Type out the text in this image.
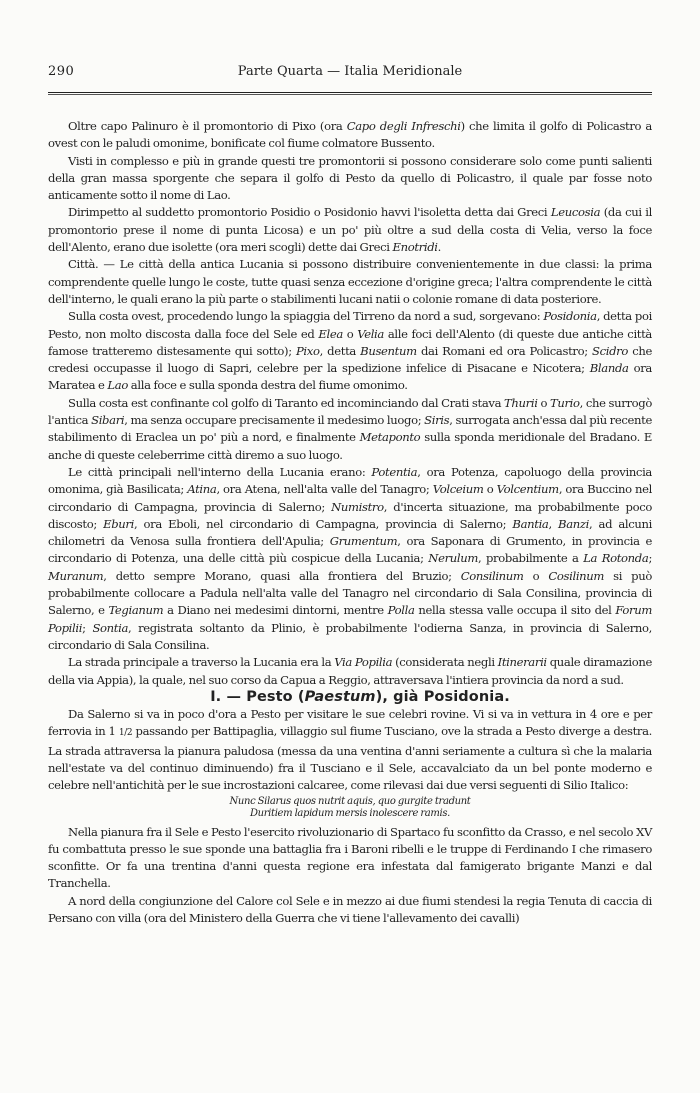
290	Parte Quarta — Italia Meridionale

Oltre capo Palinuro è il promontorio di Pixo (ora Capo degli Infreschi) che limita il golfo di Policastro a ovest con le paludi omonime, bonificate col fiume colmatore Bussento.

Visti in complesso e più in grande questi tre promontorii si possono considerare solo come punti salienti della gran massa sporgente che separa il golfo di Pesto da quello di Policastro, il quale par fosse noto anticamente sotto il nome di Lao.

Dirimpetto al suddetto promontorio Posidio o Posidonio havvi l'isoletta detta dai Greci Leucosia (da cui il promontorio prese il nome di punta Licosa) e un po' più oltre a sud della costa di Velia, verso la foce dell'Alento, erano due isolette (ora meri scogli) dette dai Greci Enotridi.

Città. — Le città della antica Lucania si possono distribuire convenientemente in due classi: la prima comprendente quelle lungo le coste, tutte quasi senza eccezione d'origine greca; l'altra comprendente le città dell'interno, le quali erano la più parte o stabilimenti lucani natii o colonie romane di data posteriore.

Sulla costa ovest, procedendo lungo la spiaggia del Tirreno da nord a sud, sorgevano: Posidonia, detta poi Pesto, non molto discosta dalla foce del Sele ed Elea o Velia alle foci dell'Alento (di queste due antiche città famose tratteremo distesamente qui sotto); Pixo, detta Busentum dai Romani ed ora Policastro; Scidro che credesi occupasse il luogo di Sapri, celebre per la spedizione infelice di Pisacane e Nicotera; Blanda ora Maratea e Lao alla foce e sulla sponda destra del fiume omonimo.

Sulla costa est confinante col golfo di Taranto ed incominciando dal Crati stava Thurii o Turio, che surrogò l'antica Sibari, ma senza occupare precisamente il medesimo luogo; Siris, surrogata anch'essa dal più recente stabilimento di Eraclea un po' più a nord, e finalmente Metaponto sulla sponda meridionale del Bradano. E anche di queste celeberrime città diremo a suo luogo.

Le città principali nell'interno della Lucania erano: Potentia, ora Potenza, capoluogo della provincia omonima, già Basilicata; Atina, ora Atena, nell'alta valle del Tanagro; Volceium o Volcentium, ora Buccino nel circondario di Campagna, provincia di Salerno; Numistro, d'incerta situazione, ma probabilmente poco discosto; Eburi, ora Eboli, nel circondario di Campagna, provincia di Salerno; Bantia, Banzi, ad alcuni chilometri da Venosa sulla frontiera dell'Apulia; Grumentum, ora Saponara di Grumento, in provincia e circondario di Potenza, una delle città più cospicue della Lucania; Nerulum, probabilmente a La Rotonda; Muranum, detto sempre Morano, quasi alla frontiera del Bruzio; Consilinum o Cosilinum si può probabilmente collocare a Padula nell'alta valle del Tanagro nel circondario di Sala Consilina, provincia di Salerno, e Tegianum a Diano nei medesimi dintorni, mentre Polla nella stessa valle occupa il sito del Forum Popilii; Sontia, registrata soltanto da Plinio, è probabilmente l'odierna Sanza, in provincia di Salerno, circondario di Sala Consilina.

La strada principale a traverso la Lucania era la Via Popilia (considerata negli Itinerarii quale diramazione della via Appia), la quale, nel suo corso da Capua a Reggio, attraversava l'intiera provincia da nord a sud.

I. — Pesto (Paestum), già Posidonia.

Da Salerno si va in poco d'ora a Pesto per visitare le sue celebri rovine. Vi si va in vettura in 4 ore e per ferrovia in 1 1/2 passando per Battipaglia, villaggio sul fiume Tusciano, ove la strada a Pesto diverge a destra. La strada attraversa la pianura paludosa (messa da una ventina d'anni seriamente a cultura sì che la malaria nell'estate va del continuo diminuendo) fra il Tusciano e il Sele, accavalciato da un bel ponte moderno e celebre nell'antichità per le sue incrostazioni calcaree, come rilevasi dai due versi seguenti di Silio Italico:

Nunc Silarus quos nutrit aquis, quo gurgite tradunt
Duritiem lapidum mersis inolescere ramis.

Nella pianura fra il Sele e Pesto l'esercito rivoluzionario di Spartaco fu sconfitto da Crasso, e nel secolo XV fu combattuta presso le sue sponde una battaglia fra i Baroni ribelli e le truppe di Ferdinando I che rimasero sconfitte. Or fa una trentina d'anni questa regione era infestata dal famigerato brigante Manzi e dal Tranchella.

A nord della congiunzione del Calore col Sele e in mezzo ai due fiumi stendesi la regia Tenuta di caccia di Persano con villa (ora del Ministero della Guerra che vi tiene l'allevamento dei cavalli)
